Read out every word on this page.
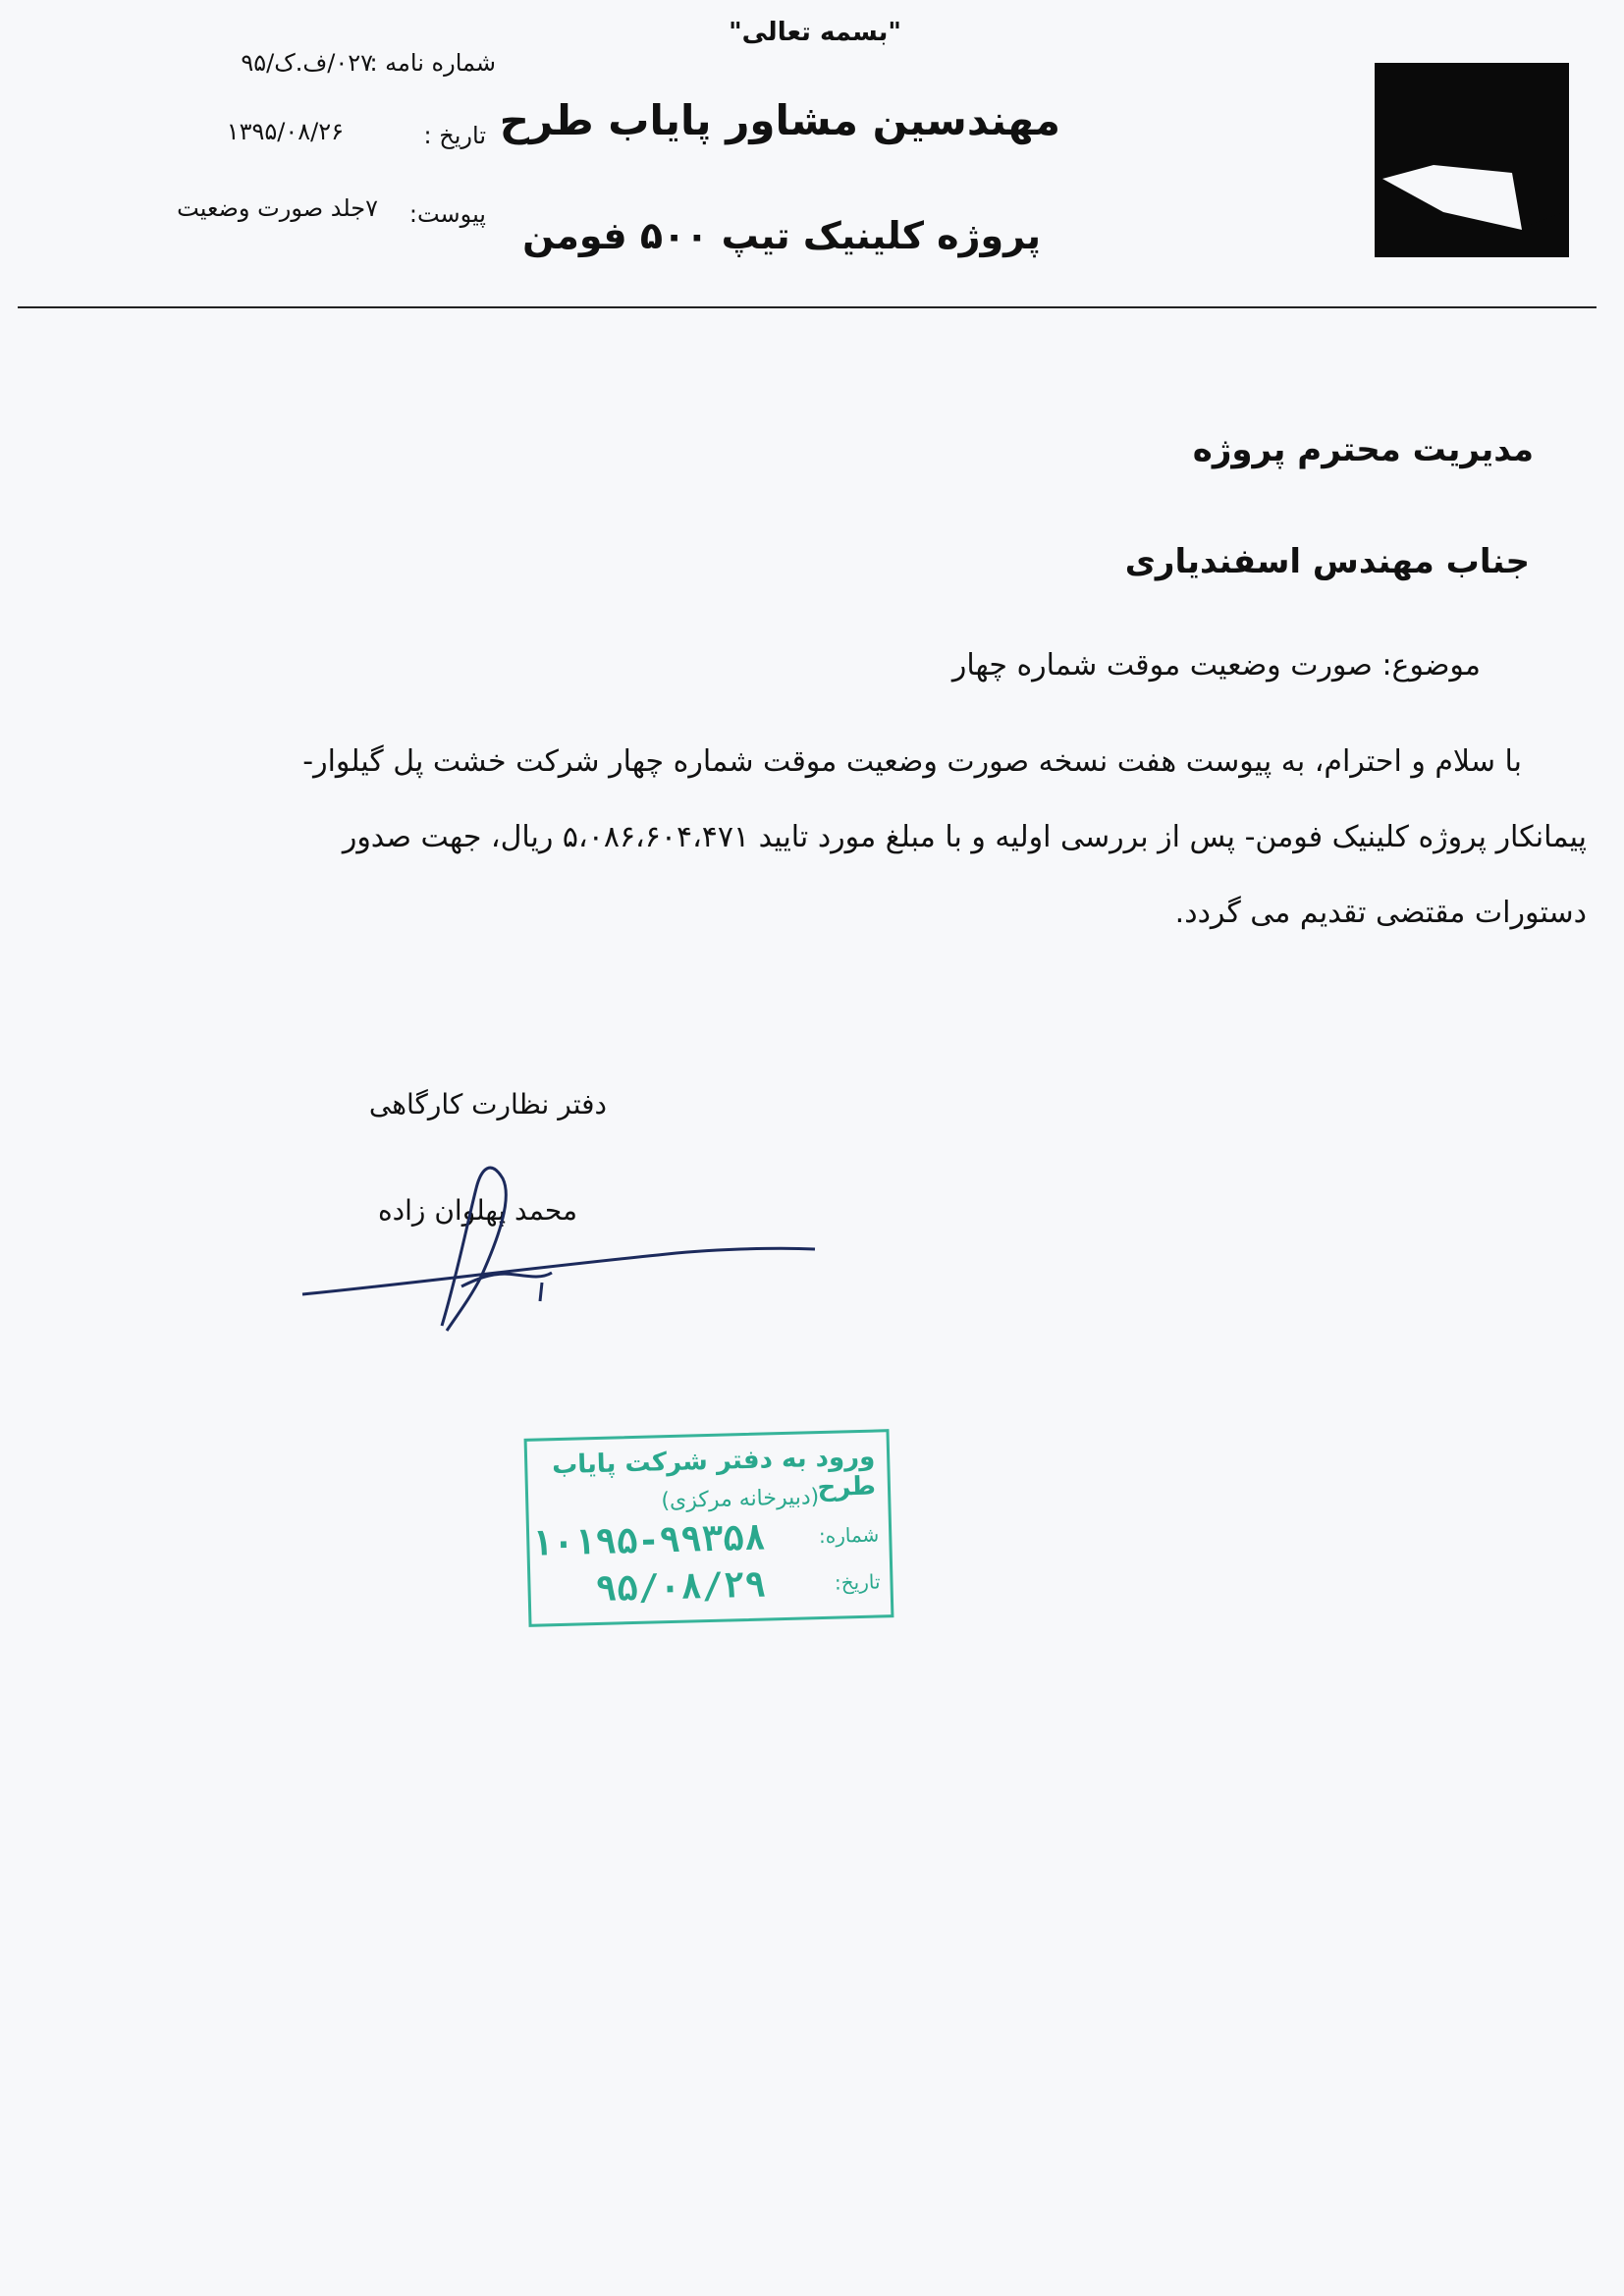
"بسمه تعالی"
مهندسین مشاور پایاب طرح
پروژه کلینیک تیپ ۵۰۰ فومن
شماره نامه :
۰۲۷/ف.ک/۹۵
تاریخ :
۱۳۹۵/۰۸/۲۶
پیوست:
۷جلد صورت وضعیت
مدیریت محترم پروژه
جناب مهندس اسفندیاری
موضوع: صورت وضعیت موقت شماره چهار
با سلام و احترام، به پیوست هفت نسخه صورت وضعیت موقت شماره چهار شرکت خشت پل گیلوار-
پیمانکار پروژه کلینیک فومن- پس از بررسی اولیه و با مبلغ مورد تایید ۵،۰۸۶،۶۰۴،۴۷۱ ریال، جهت صدور
دستورات مقتضی تقدیم می گردد.
دفتر نظارت کارگاهی
محمد پهلوان زاده
ورود به دفتر شرکت پایاب طرح
(دبیرخانه مرکزی)
شماره:
۱۰۱۹۵-۹۹۳۵۸
تاریخ:
۹۵/۰۸/۲۹
